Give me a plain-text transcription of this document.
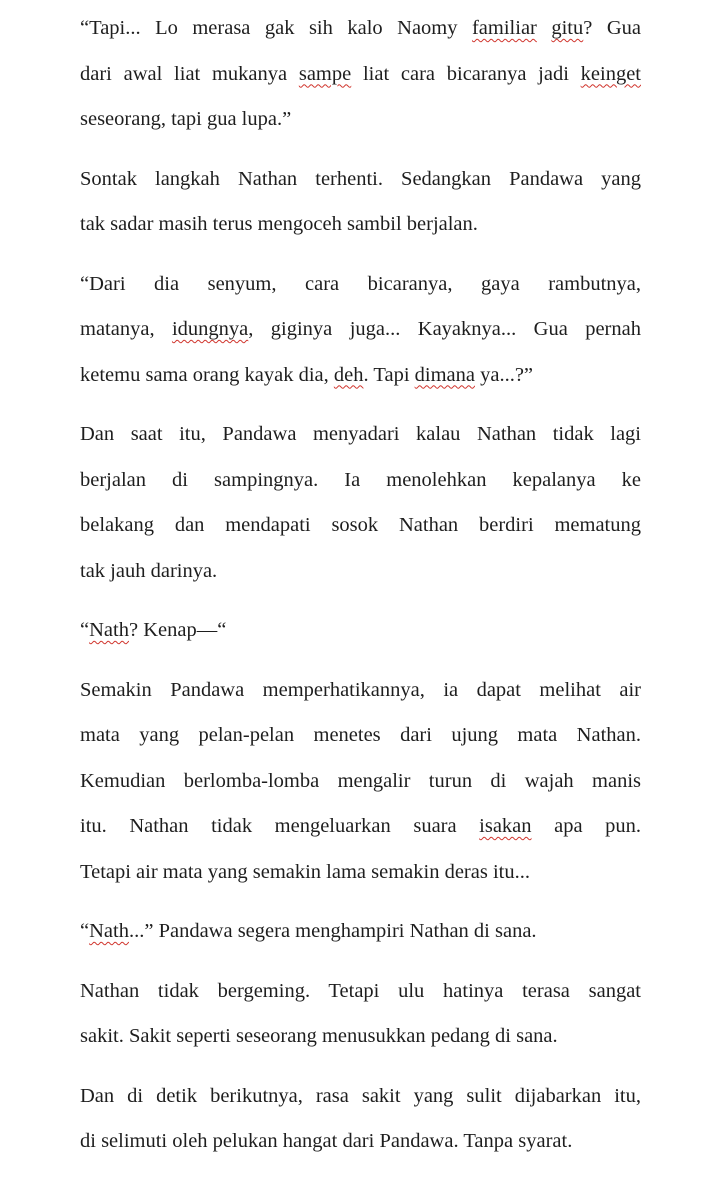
“Tapi... Lo merasa gak sih kalo Naomy familiar gitu? Gua
dari awal liat mukanya sampe liat cara bicaranya jadi keinget
seseorang, tapi gua lupa.”

Sontak langkah Nathan terhenti. Sedangkan Pandawa yang
tak sadar masih terus mengoceh sambil berjalan.

“Dari dia senyum, cara bicaranya, gaya rambutnya,
matanya, idungnya, giginya juga... Kayaknya... Gua pernah
ketemu sama orang kayak dia, deh. Tapi dimana ya...?”

Dan saat itu, Pandawa menyadari kalau Nathan tidak lagi
berjalan di sampingnya. Ia menolehkan kepalanya ke
belakang dan mendapati sosok Nathan berdiri mematung
tak jauh darinya.

“Nath? Kenap—“

Semakin Pandawa memperhatikannya, ia dapat melihat air
mata yang pelan-pelan menetes dari ujung mata Nathan.
Kemudian berlomba-lomba mengalir turun di wajah manis
itu. Nathan tidak mengeluarkan suara isakan apa pun.
Tetapi air mata yang semakin lama semakin deras itu...

“Nath...” Pandawa segera menghampiri Nathan di sana.

Nathan tidak bergeming. Tetapi ulu hatinya terasa sangat
sakit. Sakit seperti seseorang menusukkan pedang di sana.

Dan di detik berikutnya, rasa sakit yang sulit dijabarkan itu,
di selimuti oleh pelukan hangat dari Pandawa. Tanpa syarat.
